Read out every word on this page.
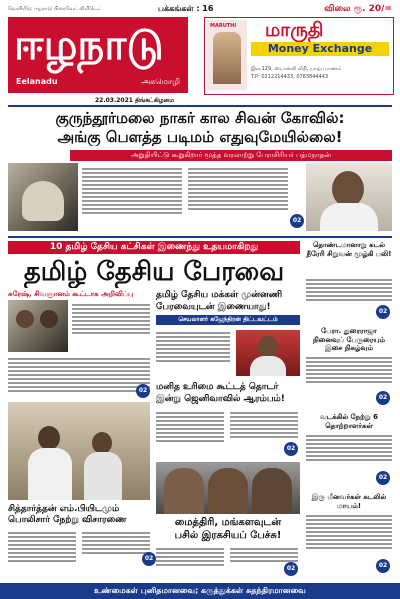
வெளியீடு: ஈழநாடு பிரைவேட் லிமிடெட்	பக்கங்கள் : 16	விலை ரூ. 20/=
ஈழநாடு
Eelanadu	அகமொழி
MARUTHI மாருதி
Money Exchange
இல.129, ஸ்டான்லி வீதி, யாழ்ப்பாணம்
T.P: 0212214433, 0763844443
22.03.2021 திங்கட்கிழமை
குருந்தூர்மலை நாகர் கால சிவன் கோவில்:
அங்கு பௌத்த படிமம் எதுவுமேயில்லை!
அறுதியிட்டு கூறுகிறார் மூத்த வரலாற்று பேராசிரியர் பத்மநாதன்
02
10 தமிழ் தேசிய கட்சிகள் இணைந்து உதயமாகிறது
தமிழ் தேசிய பேரவை
சுரேஷ், சிவஞானம் கூட்டாக அறிவிப்பு
02
தமிழ் தேசிய மக்கள் முன்னணி
பேரவையுடன் இணையாது!
செயலாளர் கஜேந்திரன் திட்டவட்டம்
மனித உரிமை கூட்டத் தொடர்
இன்று ஜெனிவாவில் ஆரம்பம்!
02
சித்தார்த்தன் எம்.பியிடமும் பொலிசார் நேற்று விசாரணை
02
மைத்திரி, மங்களவுடன்
பசில் இரகசியப் பேச்சு!
02
தொண்டமானாறு கடல் நீரேரி சிறுவன் மூழ்கி பலி!
02
பேரா. துரைராஜா நினைவுப் பேருரையும் இசை நிகழ்வும்
02
வடக்கில் நேற்று 6 தொற்றாளர்கள்
02
இரு மீனவர்கள் கடலில் மாயம்!
02
உண்மைகள் புனிதமானவை; கருத்துக்கள் சுதந்திரமானவை
